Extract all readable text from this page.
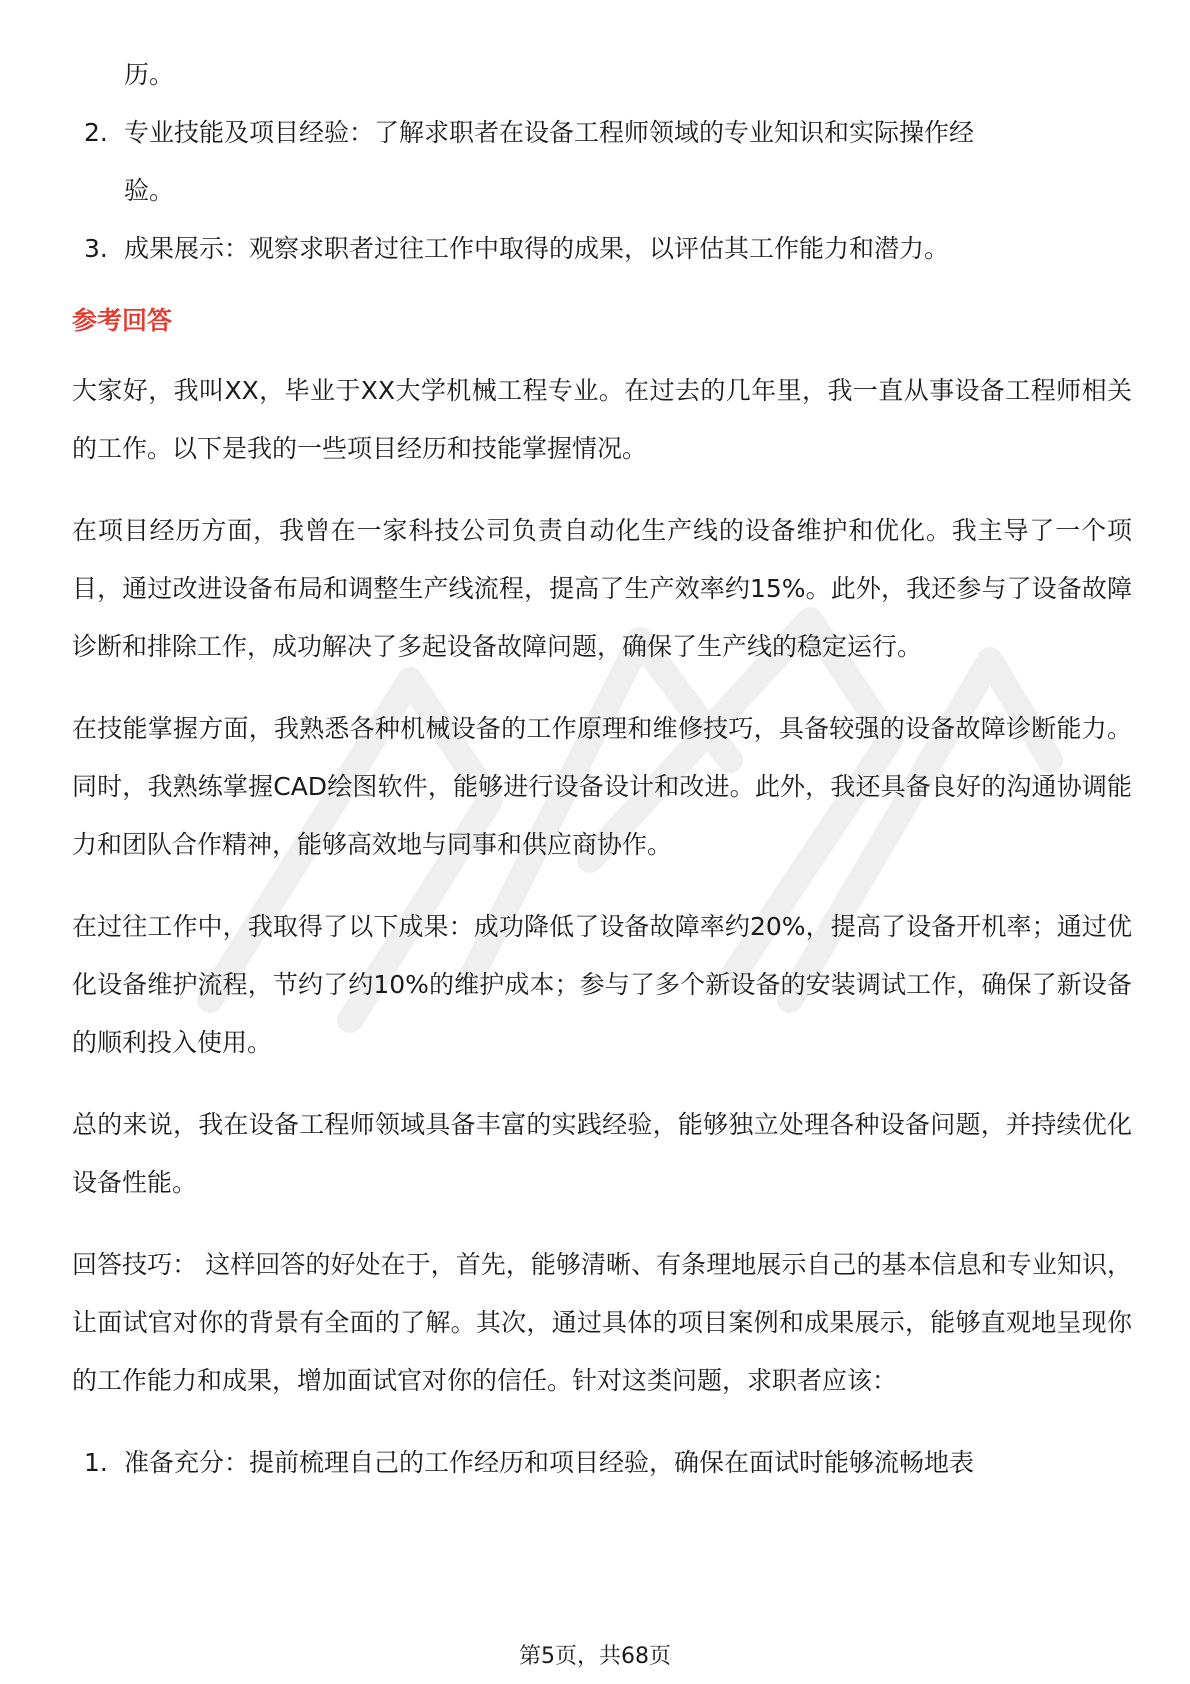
历。

2. 专业技能及项目经验：了解求职者在设备工程师领域的专业知识和实际操作经

验。

3. 成果展示：观察求职者过往工作中取得的成果，以评估其工作能力和潜力。

参考回答

大家好，我叫XX，毕业于XX大学机械工程专业。在过去的几年里，我一直从事设备工程师相关的工作。以下是我的一些项目经历和技能掌握情况。

在项目经历方面，我曾在一家科技公司负责自动化生产线的设备维护和优化。我主导了一个项目，通过改进设备布局和调整生产线流程，提高了生产效率约15%。此外，我还参与了设备故障诊断和排除工作，成功解决了多起设备故障问题，确保了生产线的稳定运行。

在技能掌握方面，我熟悉各种机械设备的工作原理和维修技巧，具备较强的设备故障诊断能力。同时，我熟练掌握CAD绘图软件，能够进行设备设计和改进。此外，我还具备良好的沟通协调能力和团队合作精神，能够高效地与同事和供应商协作。

在过往工作中，我取得了以下成果：成功降低了设备故障率约20%，提高了设备开机率；通过优化设备维护流程，节约了约10%的维护成本；参与了多个新设备的安装调试工作，确保了新设备的顺利投入使用。

总的来说，我在设备工程师领域具备丰富的实践经验，能够独立处理各种设备问题，并持续优化设备性能。

回答技巧： 这样回答的好处在于，首先，能够清晰、有条理地展示自己的基本信息和专业知识，让面试官对你的背景有全面的了解。其次，通过具体的项目案例和成果展示，能够直观地呈现你的工作能力和成果，增加面试官对你的信任。针对这类问题，求职者应该：

1. 准备充分：提前梳理自己的工作经历和项目经验，确保在面试时能够流畅地表

第5页，共68页
